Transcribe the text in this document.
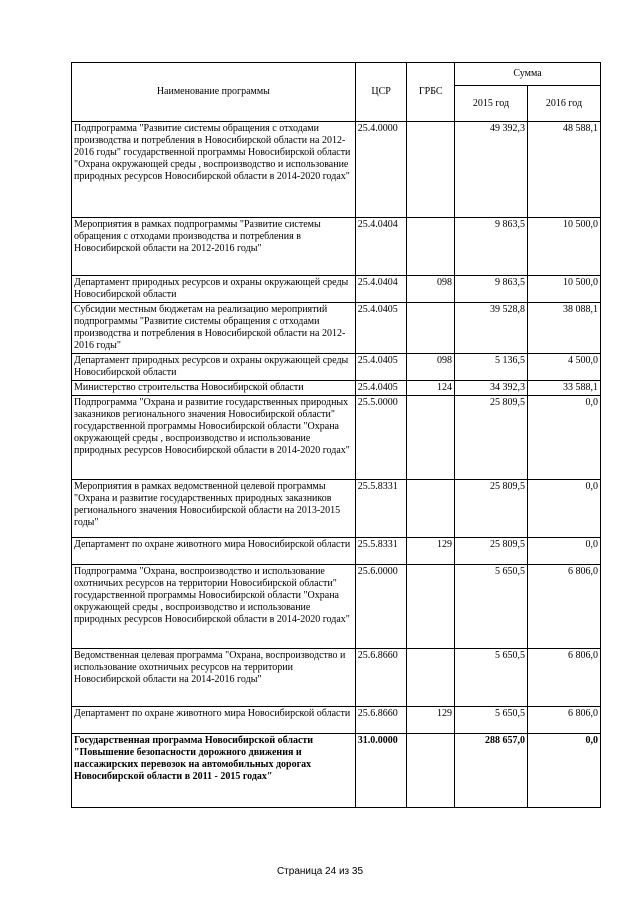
Наименование программы	ЦСР	ГРБС	Сумма	
			2015 год	2016 год
Подпрограмма "Развитие системы обращения с отходами производства и потребления в Новосибирской области на 2012-2016 годы" государственной программы Новосибирской области "Охрана окружающей среды , воспроизводство и использование природных ресурсов Новосибирской области в 2014-2020 годах"	25.4.0000		49 392,3	48 588,1
Мероприятия в рамках подпрограммы "Развитие системы обращения с отходами производства и потребления в Новосибирской области на 2012-2016 годы"	25.4.0404		9 863,5	10 500,0
Департамент природных ресурсов и охраны окружающей среды Новосибирской области	25.4.0404	098	9 863,5	10 500,0
Субсидии местным бюджетам на реализацию мероприятий подпрограммы "Развитие системы обращения с отходами производства и потребления в Новосибирской области на 2012-2016 годы"	25.4.0405		39 528,8	38 088,1
Департамент природных ресурсов и охраны окружающей среды Новосибирской области	25.4.0405	098	5 136,5	4 500,0
Министерство строительства Новосибирской области	25.4.0405	124	34 392,3	33 588,1
Подпрограмма "Охрана и развитие государственных природных заказников регионального значения Новосибирской области" государственной программы Новосибирской области "Охрана окружающей среды , воспроизводство и использование природных ресурсов Новосибирской области в 2014-2020 годах"	25.5.0000		25 809,5	0,0
Мероприятия в рамках ведомственной целевой программы "Охрана и развитие государственных природных заказников регионального значения Новосибирской области на 2013-2015 годы"	25.5.8331		25 809,5	0,0
Департамент по охране животного мира Новосибирской области	25.5.8331	129	25 809,5	0,0
Подпрограмма "Охрана, воспроизводство и использование охотничьих ресурсов на территории Новосибирской области" государственной программы Новосибирской области "Охрана окружающей среды , воспроизводство и использование природных ресурсов Новосибирской области в 2014-2020 годах"	25.6.0000		5 650,5	6 806,0
Ведомственная целевая программа "Охрана, воспроизводство и использование охотничьих ресурсов на территории Новосибирской области на 2014-2016 годы"	25.6.8660		5 650,5	6 806,0
Департамент по охране животного мира Новосибирской области	25.6.8660	129	5 650,5	6 806,0
Государственная программа Новосибирской области "Повышение безопасности дорожного движения и пассажирских перевозок на автомобильных дорогах Новосибирской области в 2011 - 2015 годах"	31.0.0000		288 657,0	0,0
Страница 24 из 35
